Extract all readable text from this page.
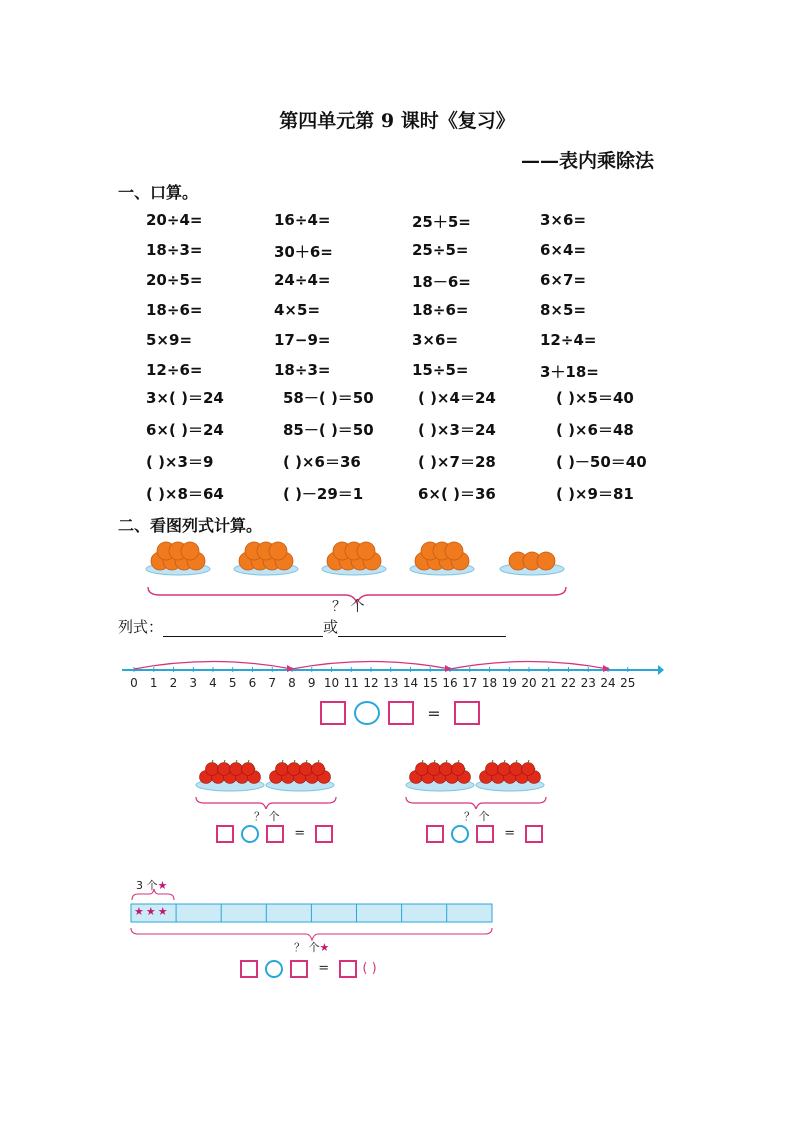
第四单元第 9 课时《复习》
——表内乘除法
一、口算。
20÷4=	16÷4=	25＋5=	3×6=
18÷3=	30＋6=	25÷5=	6×4=
20÷5=	24÷4=	18－6=	6×7=
18÷6=	4×5=	18÷6=	8×5=
5×9=	17−9=	3×6=	12÷4=
12÷6=	18÷3=	15÷5=	3＋18=
3×( )＝24	58－( )＝50	( )×4＝24	( )×5＝40
6×( )＝24	85－( )＝50	( )×3＝24	( )×6＝48
( )×3＝9	( )×6＝36	( )×7＝28	( )－50＝40
( )×8＝64	( )－29＝1	6×( )＝36	( )×9＝81
二、看图列式计算。
？ 个
列式：	或
0 1 2 3 4 5 6 7 8 9 10 11 12 13 14 15 16 17 18 19 20 21 22 23 24 25
=
？ 个
=
？ 个
=
3 个★
★★★
？ 个★
=	( )
